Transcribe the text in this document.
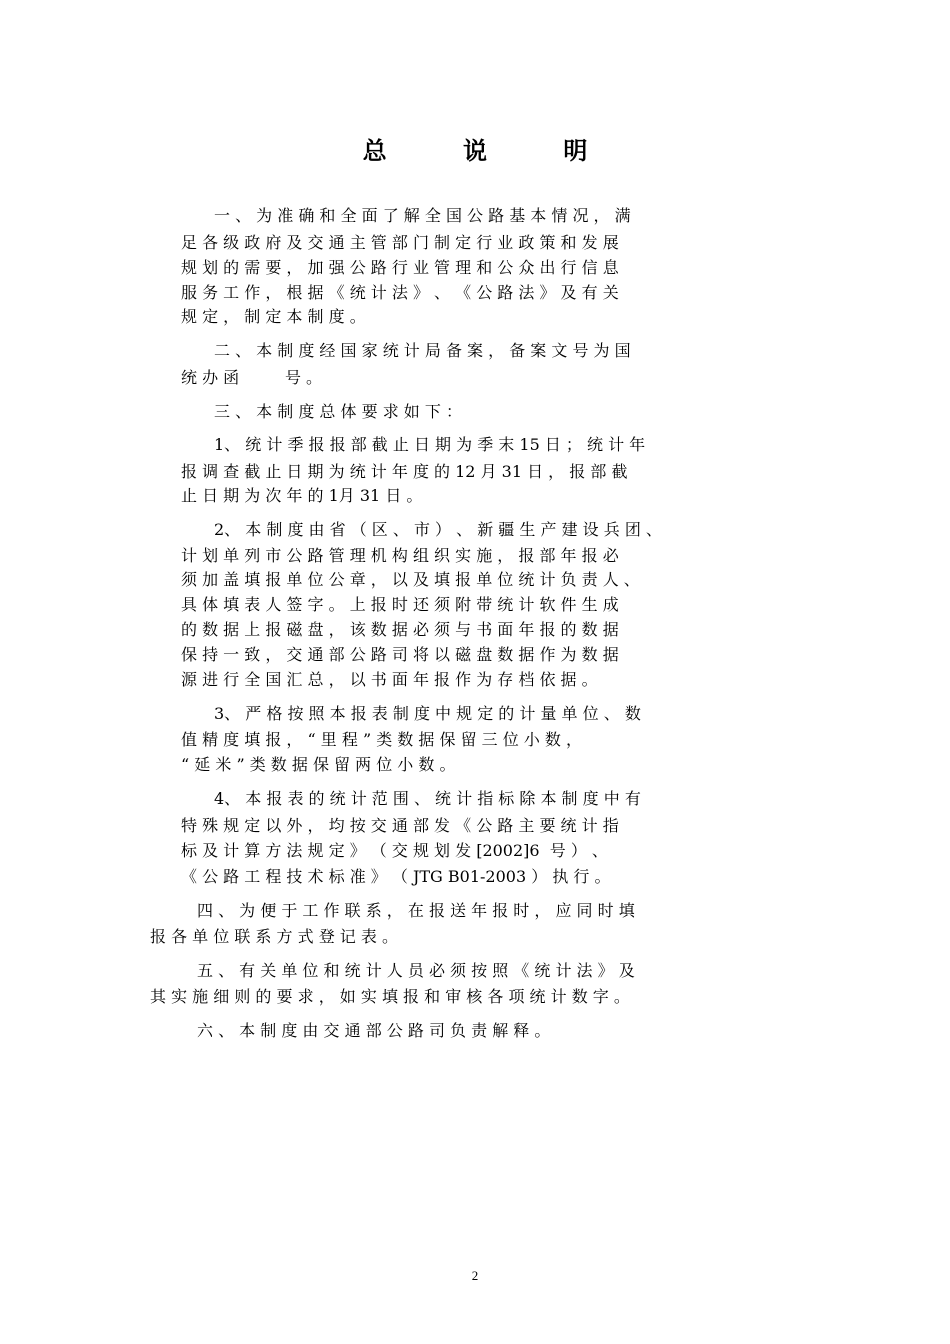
总 说 明
一 、 为 准 确 和 全 面 了 解 全 国 公 路 基 本 情 况 ， 满
足 各 级 政 府 及 交 通 主 管 部 门 制 定 行 业 政 策 和 发 展
规 划 的 需 要 ， 加 强 公 路 行 业 管 理 和 公 众 出 行 信 息
服 务 工 作 ， 根 据 《 统 计 法 》 、 《 公 路 法 》 及 有 关
规 定 ， 制 定 本 制 度 。
二 、 本 制 度 经 国 家 统 计 局 备 案 ， 备 案 文 号 为 国
统 办 函         号 。
三 、 本 制 度 总 体 要 求 如 下 ：
1、 统 计 季 报 报 部 截 止 日 期 为 季 末 15 日 ； 统 计 年
报 调 查 截 止 日 期 为 统 计 年 度 的 12 月 31 日 ， 报 部 截
止 日 期 为 次 年 的 1月 31 日 。
2、 本 制 度 由 省 （ 区 、 市 ） 、 新 疆 生 产 建 设 兵 团 、
计 划 单 列 市 公 路 管 理 机 构 组 织 实 施 ， 报 部 年 报 必
须 加 盖 填 报 单 位 公 章 ， 以 及 填 报 单 位 统 计 负 责 人 、
具 体 填 表 人 签 字 。 上 报 时 还 须 附 带 统 计 软 件 生 成
的 数 据 上 报 磁 盘 ， 该 数 据 必 须 与 书 面 年 报 的 数 据
保 持 一 致 ， 交 通 部 公 路 司 将 以 磁 盘 数 据 作 为 数 据
源 进 行 全 国 汇 总 ， 以 书 面 年 报 作 为 存 档 依 据 。
3、 严 格 按 照 本 报 表 制 度 中 规 定 的 计 量 单 位 、 数
值 精 度 填 报 ， “ 里 程 ” 类 数 据 保 留 三 位 小 数 ，
“ 延 米 ” 类 数 据 保 留 两 位 小 数 。
4、 本 报 表 的 统 计 范 围 、 统 计 指 标 除 本 制 度 中 有
特 殊 规 定 以 外 ， 均 按 交 通 部 发 《 公 路 主 要 统 计 指
标 及 计 算 方 法 规 定 》 （ 交 规 划 发 [2002]6  号 ） 、
《 公 路 工 程 技 术 标 准 》 （ JTG B01-2003 ） 执 行 。
四 、 为 便 于 工 作 联 系 ， 在 报 送 年 报 时 ， 应 同 时 填
报 各 单 位 联 系 方 式 登 记 表 。
五 、 有 关 单 位 和 统 计 人 员 必 须 按 照 《 统 计 法 》 及
其 实 施 细 则 的 要 求 ， 如 实 填 报 和 审 核 各 项 统 计 数 字 。
六 、 本 制 度 由 交 通 部 公 路 司 负 责 解 释 。
2
